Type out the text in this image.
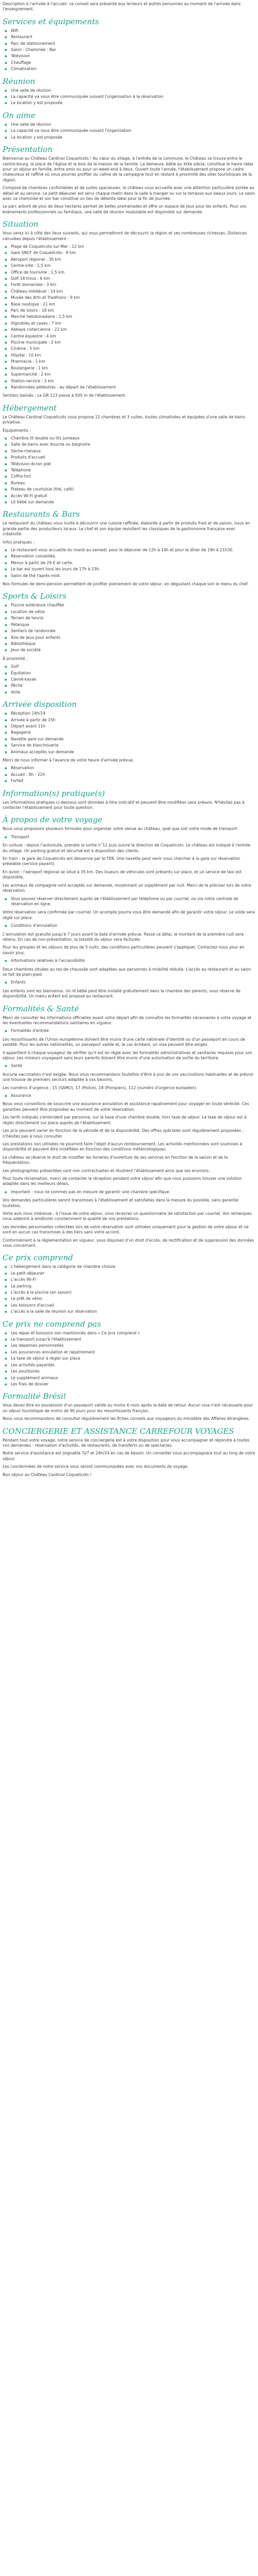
Description à l'arrivée à l'accueil: ce conseil sera présenté aux lecteurs et autres personnes au moment de l'arrivée dans l'enseignement.

Services et équipements
▪ Wifi
▪ Restaurant
▪ Parc de stationnement
▪ Salon - Cheminée - Bar
▪ Télévision
▪ Chauffage
▪ Climatisation
Réunion
▪ Une salle de réunion
▪ La capacité va vous être communiquée suivant l'organisation à la réservation
▪ La location y est proposée
On aime
▪ Une salle de réunion
▪ La capacité va vous être communiquée suivant l'organisation
▪ La location y est proposée
Présentation

Bienvenue au Château Cardinal Coquelicots ! Au cœur du village, à l'entrée de la commune, le Château se trouve entre le centre-bourg, la place de l'église et le bois de la maison de la famille. La demeure, bâtie au XIXe siècle, constitue le havre idéal pour un séjour en famille, entre amis ou pour un week-end à deux. Ouvert toute l'année, l'établissement propose un cadre chaleureux et raffiné où vous pourrez profiter du calme de la campagne tout en restant à proximité des sites touristiques de la région.

Composé de chambres confortables et de suites spacieuses, le château vous accueille avec une attention particulière portée au détail et au service. Le petit-déjeuner est servi chaque matin dans la salle à manger ou sur la terrasse aux beaux jours. Le salon avec sa cheminée et son bar constitue un lieu de détente idéal pour la fin de journée.

Le parc arboré de plus de deux hectares permet de belles promenades et offre un espace de jeux pour les enfants. Pour vos événements professionnels ou familiaux, une salle de réunion modulable est disponible sur demande.

Situation

Vous serez ici à côté des lieux suivants, qui vous permettront de découvrir la région et ses nombreuses richesses. Distances calculées depuis l'établissement :

▪ Plage de Coquelicots-sur-Mer : 12 km
▪ Gare SNCF de Coquelicots : 8 km
▪ Aéroport régional : 35 km
▪ Centre-ville : 1,5 km
▪ Office de tourisme : 1,5 km
▪ Golf 18 trous : 6 km
▪ Forêt domaniale : 3 km
▪ Château médiéval : 14 km
▪ Musée des Arts et Traditions : 9 km
▪ Base nautique : 11 km
▪ Parc de loisirs : 18 km
▪ Marché hebdomadaire : 1,5 km
▪ Vignobles et caves : 7 km
▪ Abbaye cistercienne : 22 km
▪ Centre équestre : 4 km
▪ Piscine municipale : 2 km
▪ Cinéma : 5 km
▪ Hôpital : 10 km
▪ Pharmacie : 1 km
▪ Boulangerie : 1 km
▪ Supermarché : 2 km
▪ Station-service : 3 km
▪ Randonnées pédestres : au départ de l'établissement

Sentiers balisés : Le GR 123 passe à 500 m de l'établissement.

Hébergement

Le Château Cardinal Coquelicots vous propose 12 chambres et 3 suites, toutes climatisées et équipées d'une salle de bains privative.

Équipements :

▪ Chambre lit double ou lits jumeaux
▪ Salle de bains avec douche ou baignoire
▪ Sèche-cheveux
▪ Produits d'accueil
▪ Télévision écran plat
▪ Téléphone
▪ Coffre-fort
▪ Bureau
▪ Plateau de courtoisie (thé, café)
▪ Accès Wi-Fi gratuit
▪ Lit bébé sur demande
Restaurants & Bars

Le restaurant du château vous invite à découvrir une cuisine raffinée, élaborée à partir de produits frais et de saison, issus en grande partie des producteurs locaux. Le chef et son équipe revisitent les classiques de la gastronomie française avec créativité.

Infos pratiques :

▪ Le restaurant vous accueille du mardi au samedi, pour le déjeuner de 12h à 14h et pour le dîner de 19h à 21h30.
▪ Réservation conseillée.
▪ Menus à partir de 29 € et carte.
▪ Le bar est ouvert tous les jours de 17h à 23h.
▪ Salon de thé l'après-midi.

Nos formules de demi-pension permettent de profiter pleinement de votre séjour, en dégustant chaque soir le menu du chef.

Sports & Loisirs
▪ Piscine extérieure chauffée
▪ Location de vélos
▪ Terrain de tennis
▪ Pétanque
▪ Sentiers de randonnée
▪ Aire de jeux pour enfants
▪ Bibliothèque
▪ Jeux de société

À proximité :

▪ Golf
▪ Équitation
▪ Canoë-kayak
▪ Pêche
▪ Voile
Arrivée disposition
▪ Réception 24h/24
▪ Arrivée à partir de 15h
▪ Départ avant 11h
▪ Bagagerie
▪ Navette gare sur demande
▪ Service de blanchisserie
▪ Animaux acceptés sur demande

Merci de nous informer à l'avance de votre heure d'arrivée prévue.

▪ Réservation
▪ Accueil : 8h - 22h
▪ Forfait
Information(s) pratique(s)

Les informations pratiques ci-dessous sont données à titre indicatif et peuvent être modifiées sans préavis. N'hésitez pas à contacter l'établissement pour toute question.

À propos de votre voyage

Nous vous proposons plusieurs formules pour organiser votre venue au château, quel que soit votre mode de transport.

▪ Transport

En voiture : depuis l'autoroute, prendre la sortie n°12 puis suivre la direction de Coquelicots. Le château est indiqué à l'entrée du village. Un parking gratuit et sécurisé est à disposition des clients.

En train : la gare de Coquelicots est desservie par le TER. Une navette peut venir vous chercher à la gare sur réservation préalable (service payant).

En avion : l'aéroport régional se situe à 35 km. Des loueurs de véhicules sont présents sur place, et un service de taxi est disponible.

Les animaux de compagnie sont acceptés sur demande, moyennant un supplément par nuit. Merci de le préciser lors de votre réservation.

▪ Vous pouvez réserver directement auprès de l'établissement par téléphone ou par courriel, ou via notre centrale de réservation en ligne.

Votre réservation sera confirmée par courriel. Un acompte pourra vous être demandé afin de garantir votre séjour. Le solde sera réglé sur place.

▪ Conditions d'annulation

L'annulation est gratuite jusqu'à 7 jours avant la date d'arrivée prévue. Passé ce délai, le montant de la première nuit sera retenu. En cas de non-présentation, la totalité du séjour sera facturée.

Pour les groupes et les séjours de plus de 5 nuits, des conditions particulières peuvent s'appliquer. Contactez-nous pour en savoir plus.

▪ Informations relatives à l'accessibilité

Deux chambres situées au rez-de-chaussée sont adaptées aux personnes à mobilité réduite. L'accès au restaurant et au salon se fait de plain-pied.

▪ Enfants

Les enfants sont les bienvenus. Un lit bébé peut être installé gratuitement dans la chambre des parents, sous réserve de disponibilité. Un menu enfant est proposé au restaurant.

Formalités & Santé

Merci de consulter les informations officielles avant votre départ afin de connaître les formalités nécessaires à votre voyage et les éventuelles recommandations sanitaires en vigueur.

▪ Formalités d'entrée

Les ressortissants de l'Union européenne doivent être munis d'une carte nationale d'identité ou d'un passeport en cours de validité. Pour les autres nationalités, un passeport valide et, le cas échéant, un visa peuvent être exigés.

Il appartient à chaque voyageur de vérifier qu'il est en règle avec les formalités administratives et sanitaires requises pour son séjour. Les mineurs voyageant sans leurs parents doivent être munis d'une autorisation de sortie du territoire.

▪ Santé

Aucune vaccination n'est exigée. Nous vous recommandons toutefois d'être à jour de vos vaccinations habituelles et de prévoir une trousse de premiers secours adaptée à vos besoins.

Les numéros d'urgence : 15 (SAMU), 17 (Police), 18 (Pompiers), 112 (numéro d'urgence européen).

▪ Assurance

Nous vous conseillons de souscrire une assurance annulation et assistance rapatriement pour voyager en toute sérénité. Ces garanties peuvent être proposées au moment de votre réservation.

Les tarifs indiqués s'entendent par personne, sur la base d'une chambre double, hors taxe de séjour. La taxe de séjour est à régler directement sur place auprès de l'établissement.

Les prix peuvent varier en fonction de la période et de la disponibilité. Des offres spéciales sont régulièrement proposées : n'hésitez pas à nous consulter.

Les prestations non utilisées ne pourront faire l'objet d'aucun remboursement. Les activités mentionnées sont soumises à disponibilité et peuvent être modifiées en fonction des conditions météorologiques.

Le château se réserve le droit de modifier les horaires d'ouverture de ses services en fonction de la saison et de la fréquentation.

Les photographies présentées sont non contractuelles et illustrent l'établissement ainsi que ses environs.

Pour toute réclamation, merci de contacter la réception pendant votre séjour afin que nous puissions trouver une solution adaptée dans les meilleurs délais.

▪ Important : nous ne sommes pas en mesure de garantir une chambre spécifique

Vos demandes particulières seront transmises à l'établissement et satisfaites dans la mesure du possible, sans garantie toutefois.

Votre avis nous intéresse : à l'issue de votre séjour, vous recevrez un questionnaire de satisfaction par courriel. Vos remarques nous aideront à améliorer constamment la qualité de nos prestations.

Les données personnelles collectées lors de votre réservation sont utilisées uniquement pour la gestion de votre séjour et ne sont en aucun cas transmises à des tiers sans votre accord.

Conformément à la réglementation en vigueur, vous disposez d'un droit d'accès, de rectification et de suppression des données vous concernant.

Ce prix comprend
▪ L'hébergement dans la catégorie de chambre choisie
▪ Le petit-déjeuner
▪ L'accès Wi-Fi
▪ Le parking
▪ L'accès à la piscine (en saison)
▪ Le prêt de vélos
▪ Les boissons d'accueil
▪ L'accès à la salle de réunion sur réservation
Ce prix ne comprend pas
▪ Les repas et boissons non mentionnés dans « Ce prix comprend »
▪ Le transport jusqu'à l'établissement
▪ Les dépenses personnelles
▪ Les assurances annulation et rapatriement
▪ La taxe de séjour à régler sur place
▪ Les activités payantes
▪ Les pourboires
▪ Le supplément animaux
▪ Les frais de dossier
Formalité Brésil

Vous devez être en possession d'un passeport valide au moins 6 mois après la date de retour. Aucun visa n'est nécessaire pour un séjour touristique de moins de 90 jours pour les ressortissants français.

Nous vous recommandons de consulter régulièrement les fiches conseils aux voyageurs du ministère des Affaires étrangères.

CONCIERGERIE ET ASSISTANCE CARREFOUR VOYAGES

Pendant tout votre voyage, notre service de conciergerie est à votre disposition pour vous accompagner et répondre à toutes vos demandes : réservation d'activités, de restaurants, de transferts ou de spectacles.

Notre service d'assistance est joignable 7j/7 et 24h/24 en cas de besoin. Un conseiller vous accompagnera tout au long de votre séjour.

Les coordonnées de notre service vous seront communiquées avec vos documents de voyage.

Bon séjour au Château Cardinal Coquelicots !
